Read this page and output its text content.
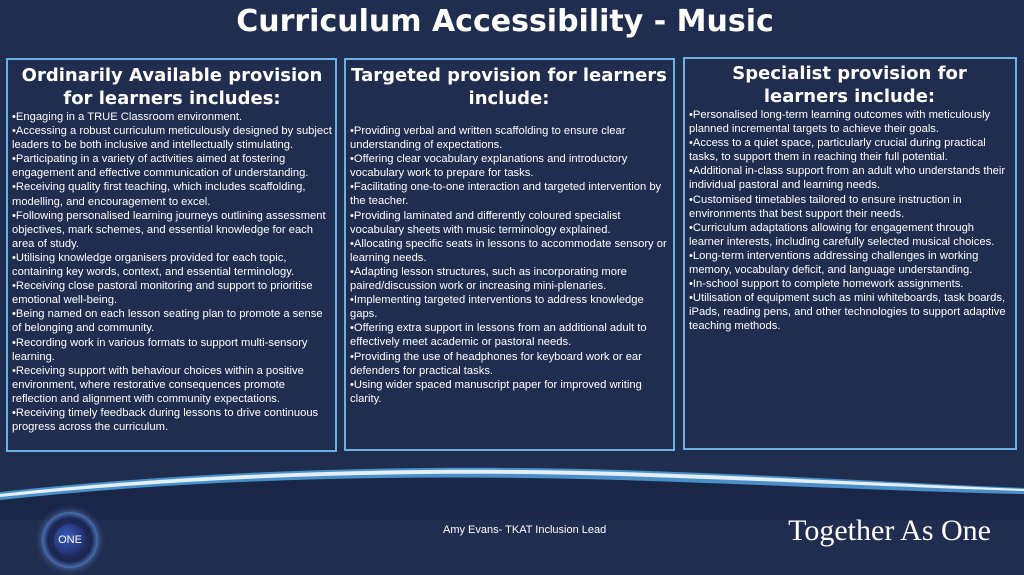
Curriculum Accessibility - Music
Ordinarily Available provision for learners includes:
•Engaging in a TRUE Classroom environment.
•Accessing a robust curriculum meticulously designed by subject leaders to be both inclusive and intellectually stimulating.
•Participating in a variety of activities aimed at fostering engagement and effective communication of understanding.
•Receiving quality first teaching, which includes scaffolding, modelling, and encouragement to excel.
•Following personalised learning journeys outlining assessment objectives, mark schemes, and essential knowledge for each area of study.
•Utilising knowledge organisers provided for each topic, containing key words, context, and essential terminology.
•Receiving close pastoral monitoring and support to prioritise emotional well-being.
•Being named on each lesson seating plan to promote a sense of belonging and community.
•Recording work in various formats to support multi-sensory learning.
•Receiving support with behaviour choices within a positive environment, where restorative consequences promote reflection and alignment with community expectations.
•Receiving timely feedback during lessons to drive continuous progress across the curriculum.
Targeted provision for learners include:
•Providing verbal and written scaffolding to ensure clear understanding of expectations.
•Offering clear vocabulary explanations and introductory vocabulary work to prepare for tasks.
•Facilitating one-to-one interaction and targeted intervention by the teacher.
•Providing laminated and differently coloured specialist vocabulary sheets with music terminology explained.
•Allocating specific seats in lessons to accommodate sensory or learning needs.
•Adapting lesson structures, such as incorporating more paired/discussion work or increasing mini-plenaries.
•Implementing targeted interventions to address knowledge gaps.
•Offering extra support in lessons from an additional adult to effectively meet academic or pastoral needs.
•Providing the use of headphones for keyboard work or ear defenders for practical tasks.
•Using wider spaced manuscript paper for improved writing clarity.
Specialist provision for learners include:
•Personalised long-term learning outcomes with meticulously planned incremental targets to achieve their goals.
•Access to a quiet space, particularly crucial during practical tasks, to support them in reaching their full potential.
•Additional in-class support from an adult who understands their individual pastoral and learning needs.
•Customised timetables tailored to ensure instruction in environments that best support their needs.
•Curriculum adaptations allowing for engagement through learner interests, including carefully selected musical choices.
•Long-term interventions addressing challenges in working memory, vocabulary deficit, and language understanding.
•In-school support to complete homework assignments.
•Utilisation of equipment such as mini whiteboards, task boards, iPads, reading pens, and other technologies to support adaptive teaching methods.
ONE
Amy Evans- TKAT Inclusion Lead	Together As One
